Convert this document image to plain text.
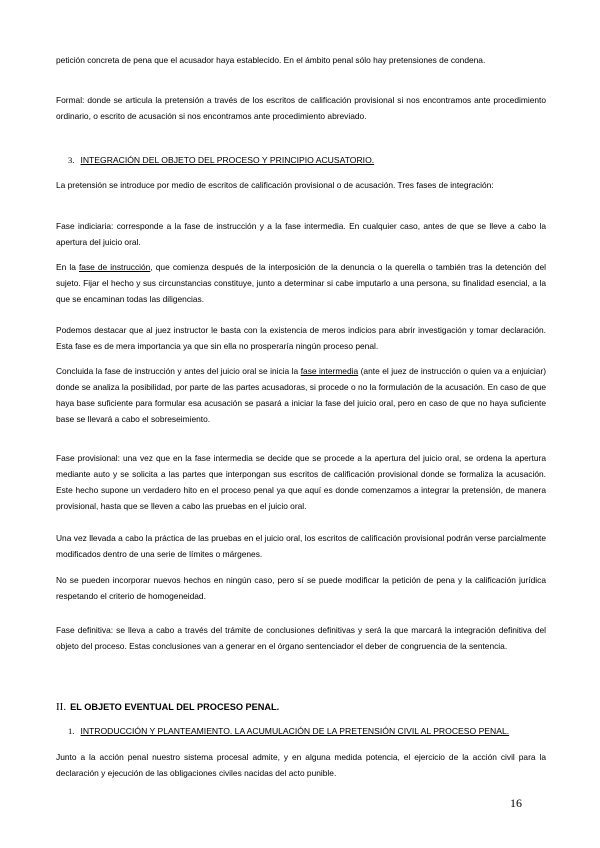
petición concreta de pena que el acusador haya establecido. En el ámbito penal sólo hay pretensiones de condena.

Formal: donde se articula la pretensión a través de los escritos de calificación provisional si nos encontramos ante procedimiento ordinario, o escrito de acusación si nos encontramos ante procedimiento abreviado.

3. INTEGRACIÓN DEL OBJETO DEL PROCESO Y PRINCIPIO ACUSATORIO.

La pretensión se introduce por medio de escritos de calificación provisional o de acusación. Tres fases de integración:

Fase indiciaria: corresponde a la fase de instrucción y a la fase intermedia. En cualquier caso, antes de que se lleve a cabo la apertura del juicio oral.

En la fase de instrucción, que comienza después de la interposición de la denuncia o la querella o también tras la detención del sujeto. Fijar el hecho y sus circunstancias constituye, junto a determinar si cabe imputarlo a una persona, su finalidad esencial, a la que se encaminan todas las diligencias.

Podemos destacar que al juez instructor le basta con la existencia de meros indicios para abrir investigación y tomar declaración. Esta fase es de mera importancia ya que sin ella no prosperaría ningún proceso penal.

Concluida la fase de instrucción y antes del juicio oral se inicia la fase intermedia (ante el juez de instrucción o quien va a enjuiciar) donde se analiza la posibilidad, por parte de las partes acusadoras, si procede o no la formulación de la acusación. En caso de que haya base suficiente para formular esa acusación se pasará a iniciar la fase del juicio oral, pero en caso de que no haya suficiente base se llevará a cabo el sobreseimiento.

Fase provisional: una vez que en la fase intermedia se decide que se procede a la apertura del juicio oral, se ordena la apertura mediante auto y se solicita a las partes que interpongan sus escritos de calificación provisional donde se formaliza la acusación. Este hecho supone un verdadero hito en el proceso penal ya que aquí es donde comenzamos a integrar la pretensión, de manera provisional, hasta que se lleven a cabo las pruebas en el juicio oral.

Una vez llevada a cabo la práctica de las pruebas en el juicio oral, los escritos de calificación provisional podrán verse parcialmente modificados dentro de una serie de límites o márgenes.

No se pueden incorporar nuevos hechos en ningún caso, pero sí se puede modificar la petición de pena y la calificación jurídica respetando el criterio de homogeneidad.

Fase definitiva: se lleva a cabo a través del trámite de conclusiones definitivas y será la que marcará la integración definitiva del objeto del proceso. Estas conclusiones van a generar en el órgano sentenciador el deber de congruencia de la sentencia.

II. EL OBJETO EVENTUAL DEL PROCESO PENAL.

1. INTRODUCCIÓN Y PLANTEAMIENTO. LA ACUMULACIÓN DE LA PRETENSIÓN CIVIL AL PROCESO PENAL.

Junto a la acción penal nuestro sistema procesal admite, y en alguna medida potencia, el ejercicio de la acción civil para la declaración y ejecución de las obligaciones civiles nacidas del acto punible.

16
